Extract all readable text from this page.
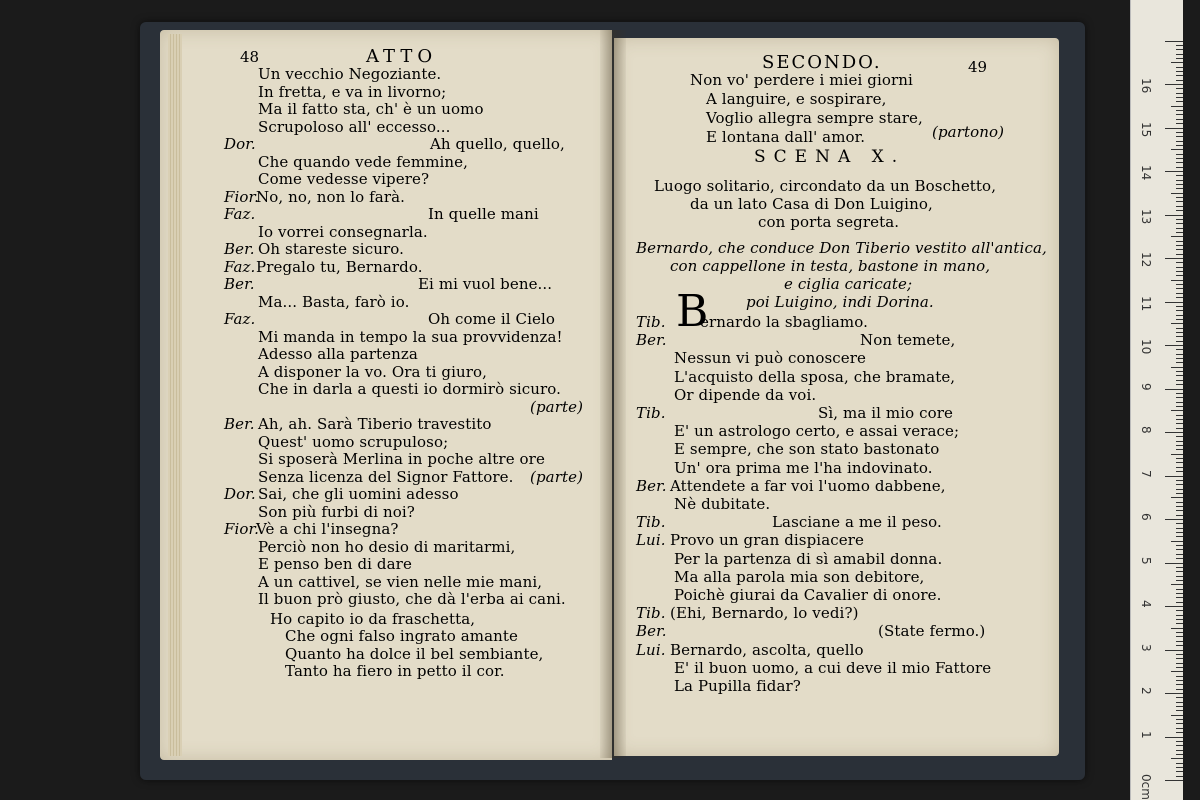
48	ATTO
Un vecchio Negoziante.
In fretta, e va in livorno;
Ma il fatto sta, ch' è un uomo
Scrupoloso all' eccesso...
Dor.	Ah quello, quello,
Che quando vede femmine,
Come vedesse vipere?
Fior.
No, no, non lo farà.
Faz.	In quelle mani
Io vorrei consegnarla.
Ber. Oh stareste sicuro.
Faz. Pregalo tu, Bernardo.
Ber.	Ei mi vuol bene...
Ma... Basta, farò io.
Faz.	Oh come il Cielo
Mi manda in tempo la sua provvidenza!
Adesso alla partenza
A disponer la vo. Ora ti giuro,
Che in darla a questi io dormirò sicuro.
(parte)
Ber. Ah, ah. Sarà Tiberio travestito
Quest' uomo scrupuloso;
Si sposerà Merlina in poche altre ore
Senza licenza del Signor Fattore.
Dor. Sai, che gli uomini adesso
Son più furbi di noi?
Fior.
Vè a chi l'insegna?
Perciò non ho desio di maritarmi,
E penso ben di dare
A un cattivel, se vien nelle mie mani,
Il buon prò giusto, che dà l'erba ai cani.
Ho capito io da fraschetta,
Che ogni falso ingrato amante
Quanto ha dolce il bel sembiante,
Tanto ha fiero in petto il cor.
(parte)
SECONDO.	49
Non vo' perdere i miei giorni
A languire, e sospirare,
Voglio allegra sempre stare,
E lontana dall' amor.	(partono)
SCENA X.
Luogo solitario, circondato da un Boschetto,
da un lato Casa di Don Luigino,
con porta segreta.
Bernardo, che conduce Don Tiberio vestito all'antica,
con cappellone in testa, bastone in mano,
e ciglia caricate;
poi Luigino, indi Dorina.
B
Tib. ernardo la sbagliamo.
Ber.	Non temete,
Nessun vi può conoscere
L'acquisto della sposa, che bramate,
Or dipende da voi.
Tib.	Sì, ma il mio core
E' un astrologo certo, e assai verace;
E sempre, che son stato bastonato
Un' ora prima me l'ha indovinato.
Ber. Attendete a far voi l'uomo dabbene,
Nè dubitate.
Tib.	Lasciane a me il peso.
Lui. Provo un gran dispiacere
Per la partenza di sì amabil donna.
Ma alla parola mia son debitore,
Poichè giurai da Cavalier di onore.
Tib. (Ehi, Bernardo, lo vedi?)
Ber.	(State fermo.)
Lui. Bernardo, ascolta, quello
E' il buon uomo, a cui deve il mio Fattore
La Pupilla fidar?
16
15
14
13
12
11
10
9
8
7
6
5
4
3
2
1
0cm
